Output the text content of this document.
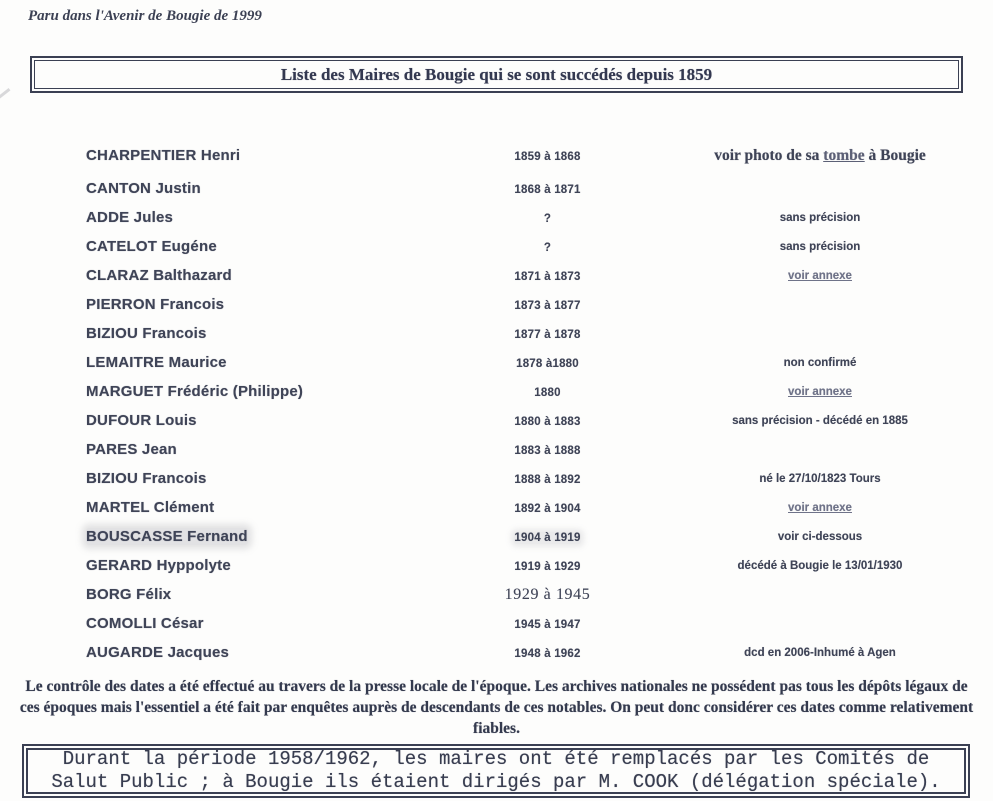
Paru dans l'Avenir de Bougie de 1999
Liste des Maires de Bougie qui se sont succédés depuis 1859
CHARPENTIER Henri	1859 à 1868	voir photo de sa tombe à Bougie
CANTON Justin	1868 à 1871
ADDE Jules	?	sans précision
CATELOT Eugéne	?	sans précision
CLARAZ Balthazard	1871 à 1873	voir annexe
PIERRON Francois	1873 à 1877
BIZIOU Francois	1877 à 1878
LEMAITRE Maurice	1878 à1880	non confirmé
MARGUET Frédéric (Philippe)	1880	voir annexe
DUFOUR Louis	1880 à 1883	sans précision - décédé en 1885
PARES Jean	1883 à 1888
BIZIOU Francois	1888 à 1892	né le 27/10/1823 Tours
MARTEL Clément	1892 à 1904	voir annexe
BOUSCASSE Fernand	1904 à 1919	voir ci-dessous
GERARD Hyppolyte	1919 à 1929	décédé à Bougie le 13/01/1930
BORG Félix	1929 à 1945
COMOLLI César	1945 à 1947
AUGARDE Jacques	1948 à 1962	dcd en 2006-Inhumé à Agen
Le contrôle des dates a été effectué au travers de la presse locale de l'époque. Les archives nationales ne possédent pas tous les dépôts légaux de ces époques mais l'essentiel a été fait par enquêtes auprès de descendants de ces notables. On peut donc considérer ces dates comme relativement fiables.
Durant la période 1958/1962, les maires ont été remplacés par les Comités de
Salut Public ; à Bougie ils étaient dirigés par M. COOK (délégation spéciale).
